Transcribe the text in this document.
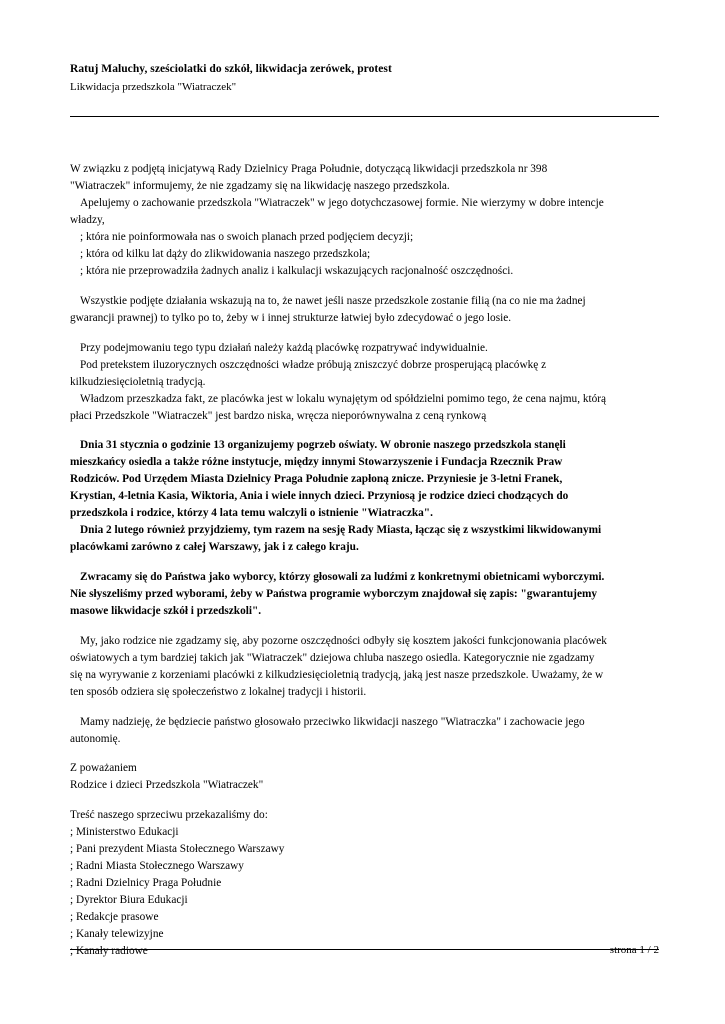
Ratuj Maluchy, sześciolatki do szkół, likwidacja zerówek, protest
Likwidacja przedszkola "Wiatraczek"

W związku z podjętą inicjatywą Rady Dzielnicy Praga Południe, dotyczącą likwidacji przedszkola nr 398

"Wiatraczek" informujemy, że nie zgadzamy się na likwidację naszego przedszkola.

Apelujemy o zachowanie przedszkola "Wiatraczek" w jego dotychczasowej formie. Nie wierzymy w dobre intencje

władzy,

; która nie poinformowała nas o swoich planach przed podjęciem decyzji;

; która od kilku lat dąży do zlikwidowania naszego przedszkola;

; która nie przeprowadziła żadnych analiz i kalkulacji wskazujących racjonalność oszczędności.

Wszystkie podjęte działania wskazują na to, że nawet jeśli nasze przedszkole zostanie filią (na co nie ma żadnej

gwarancji prawnej) to tylko po to, żeby w i innej strukturze łatwiej było zdecydować o jego losie.

Przy podejmowaniu tego typu działań należy każdą placówkę rozpatrywać indywidualnie.

Pod pretekstem iluzorycznych oszczędności władze próbują zniszczyć dobrze prosperującą placówkę z

kilkudziesięcioletnią tradycją.

Władzom przeszkadza fakt, ze placówka jest w lokalu wynajętym od spółdzielni pomimo tego, że cena najmu, którą

płaci Przedszkole "Wiatraczek" jest bardzo niska, wręcza nieporównywalna z ceną rynkową

Dnia 31 stycznia o godzinie 13 organizujemy pogrzeb oświaty. W obronie naszego przedszkola stanęli

mieszkańcy osiedla a także różne instytucje, między innymi Stowarzyszenie i Fundacja Rzecznik Praw

Rodziców. Pod Urzędem Miasta Dzielnicy Praga Południe zapłoną znicze. Przyniesie je 3-letni Franek,

Krystian, 4-letnia Kasia, Wiktoria, Ania i wiele innych dzieci. Przyniosą je rodzice dzieci chodzących do

przedszkola i rodzice, którzy 4 lata temu walczyli o istnienie "Wiatraczka".

Dnia 2 lutego również przyjdziemy, tym razem na sesję Rady Miasta, łącząc się z wszystkimi likwidowanymi

placówkami zarówno z całej Warszawy, jak i z całego kraju.

Zwracamy się do Państwa jako wyborcy, którzy głosowali za ludźmi z konkretnymi obietnicami wyborczymi.

Nie słyszeliśmy przed wyborami, żeby w Państwa programie wyborczym znajdował się zapis: "gwarantujemy

masowe likwidacje szkół i przedszkoli".

My, jako rodzice nie zgadzamy się, aby pozorne oszczędności odbyły się kosztem jakości funkcjonowania placówek

oświatowych a tym bardziej takich jak "Wiatraczek" dziejowa chluba naszego osiedla. Kategorycznie nie zgadzamy

się na wyrywanie z korzeniami placówki z kilkudziesięcioletnią tradycją, jaką jest nasze przedszkole. Uważamy, że w

ten sposób odziera się społeczeństwo z lokalnej tradycji i historii.

Mamy nadzieję, że będziecie państwo głosowało przeciwko likwidacji naszego "Wiatraczka" i zachowacie jego

autonomię.

Z poważaniem

Rodzice i dzieci Przedszkola "Wiatraczek"

Treść naszego sprzeciwu przekazaliśmy do:

; Ministerstwo Edukacji

; Pani prezydent Miasta Stołecznego Warszawy

; Radni Miasta Stołecznego Warszawy

; Radni Dzielnicy Praga Południe

; Dyrektor Biura Edukacji

; Redakcje prasowe

; Kanały telewizyjne

; Kanały radiowe	strona 1 / 2
